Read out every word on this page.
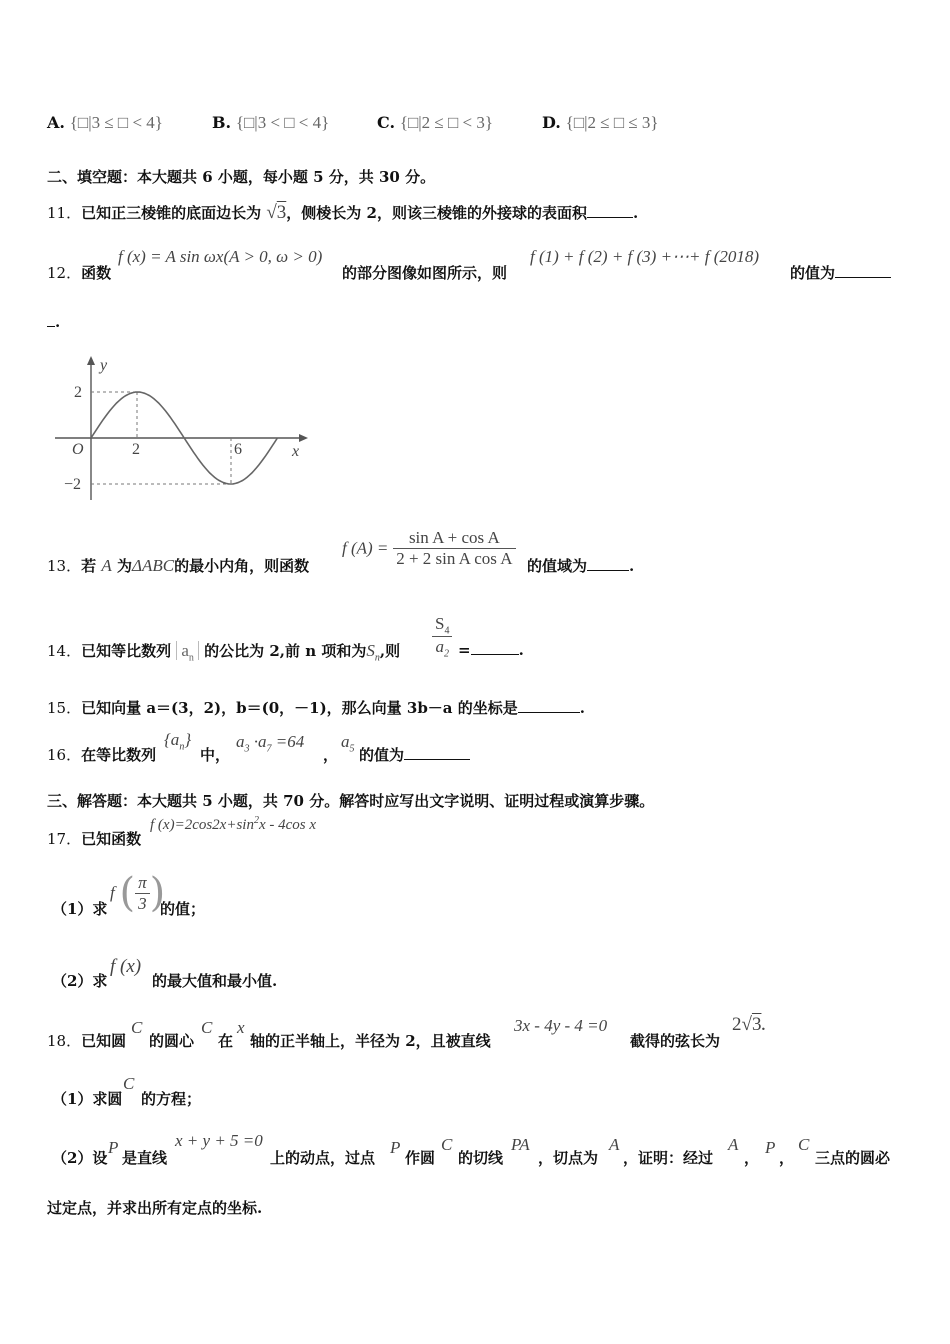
A. {□|3 ≤ □ < 4}	B. {□|3 < □ < 4}	C. {□|2 ≤ □ < 3}	D. {□|2 ≤ □ ≤ 3}
二、填空题：本大题共 6 小题，每小题 5 分，共 30 分。
11．已知正三棱锥的底面边长为 √3，侧棱长为 2，则该三棱锥的外接球的表面积	.
12．函数
f (x) = A sin ωx(A > 0, ω > 0)
的部分图像如图所示，则
f (1) + f (2) + f (3) +⋯+ f (2018)
的值为
.
y
x
O
2
−2
2	6
13．若 A 为ΔABC的最小内角，则函数
f $(A) = \frac{\text{sin A + cos A}}{\text{2 + 2 sin A cos A}}$ 的值域为	.
14．已知等比数列 $a_n$ 的公比为 2,前 n 项和为$S_n$,则 $\frac{S_4}{a_2}$ =	.
15．已知向量 a＝(3，2)，b＝(0，－1)，那么向量 3b－a 的坐标是	.
16．在等比数列
$\{a_n\}$
中，
$a_3 \cdot a_7 =64$
，
$a_5$ 的值为
三、解答题：本大题共 5 小题，共 70 分。解答时应写出文字说明、证明过程或演算步骤。
17．已知函数
f $(x)=2\cos 2x+\sin^2x - 4\cos$ x
（1）求
f ( $\frac{\pi}{3}$ )
的值；
（2）求
f (x)
的最大值和最小值.
18．已知圆
C
的圆心
C
在
x
轴的正半轴上，半径为 2，且被直线
3x - 4y - 4 =0
截得的弦长为
2√3.
（1）求圆
C
的方程；
（2）设
P
是直线
x + y + 5 =0
上的动点，过点
P
作圆
C
的切线
PA
，切点为
A
，证明：经过
A
，
P
，
C
三点的圆必
过定点，并求出所有定点的坐标.
